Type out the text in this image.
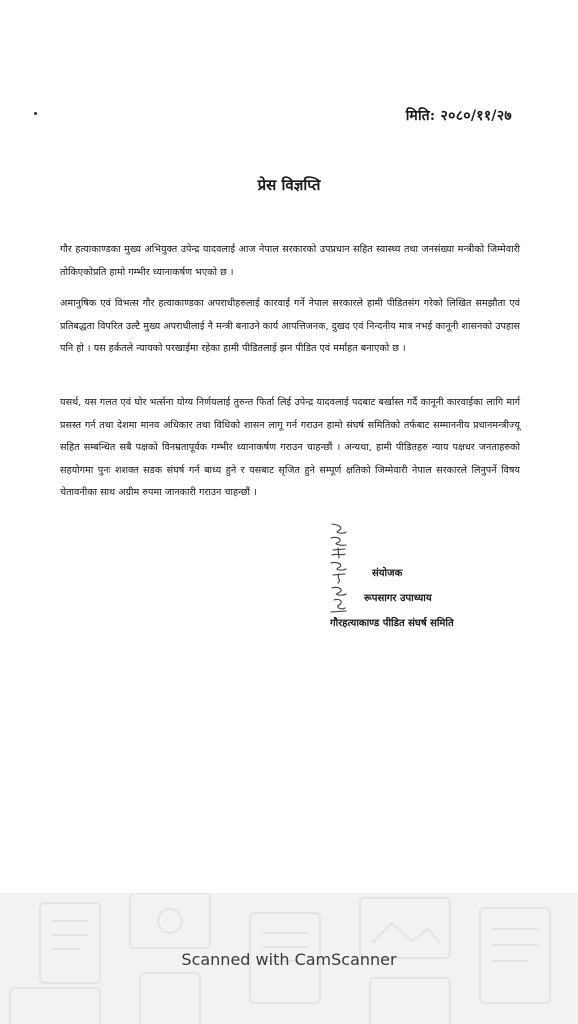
मिति: २०८०/११/२७
प्रेस विज्ञप्ति

गौर हत्याकाण्डका मुख्य अभियुक्त उपेन्द्र यादवलाई आज नेपाल सरकारको उपप्रधान सहित स्वास्थ्य तथा जनसंख्या मन्त्रीको जिम्मेवारी तोकिएकोप्रति हामो गम्भीर ध्यानाकर्षण भएको छ ।

अमानुषिक एवं विभत्स गौर हत्याकाण्डका अपराधीहरुलाई कारवाई गर्ने नेपाल सरकारले हामी पीडितसंग गरेको लिखित समझौता एवं प्रतिबद्धता विपरित उल्टै मुख्य अपराधीलाई नै मन्त्री बनाउने कार्य आपत्तिजनक, दुखद एवं निन्दनीय मात्र नभई कानूनी शासनको उपहास पनि हो । यस हर्कतले न्यायको परखाईमा रहेका हामी पीडितलाई झन पीडित एवं मर्माहत बनाएको छ ।

यसर्थ, यस गलत एवं घोर भर्त्सना योग्य निर्णयलाई तुरुन्त फिर्ता लिई उपेन्द्र यादवलाई पदबाट बर्खास्त गर्दै कानूनी कारवाईका लागि मार्ग प्रसस्त गर्न तथा देशमा मानव अधिकार तथा विधिको शासन लागू गर्न गराउन हामो संघर्ष समितिको तर्फबाट सम्माननीय प्रधानमन्त्रीज्यू सहित सम्बन्धित सबै पक्षको विनम्रतापूर्वक गम्भीर ध्यानाकर्षण गराउन चाहन्छौं । अन्यथा, हामी पीडितहरु न्याय पक्षधर जनताहरुको सहयोगमा पुनः शशक्त सडक संघर्ष गर्न बाध्य हुने र यसबाट सृजित हुने सम्पूर्ण क्षतिको जिम्मेवारी नेपाल सरकारले लिनुपर्ने विषय चेतावनीका साथ अग्रीम रुपमा जानकारी गराउन चाहन्छौं ।

संयोजक
रूपसागर उपाध्याय
गौरहत्याकाण्ड पीडित संघर्ष समिति
Scanned with CamScanner
